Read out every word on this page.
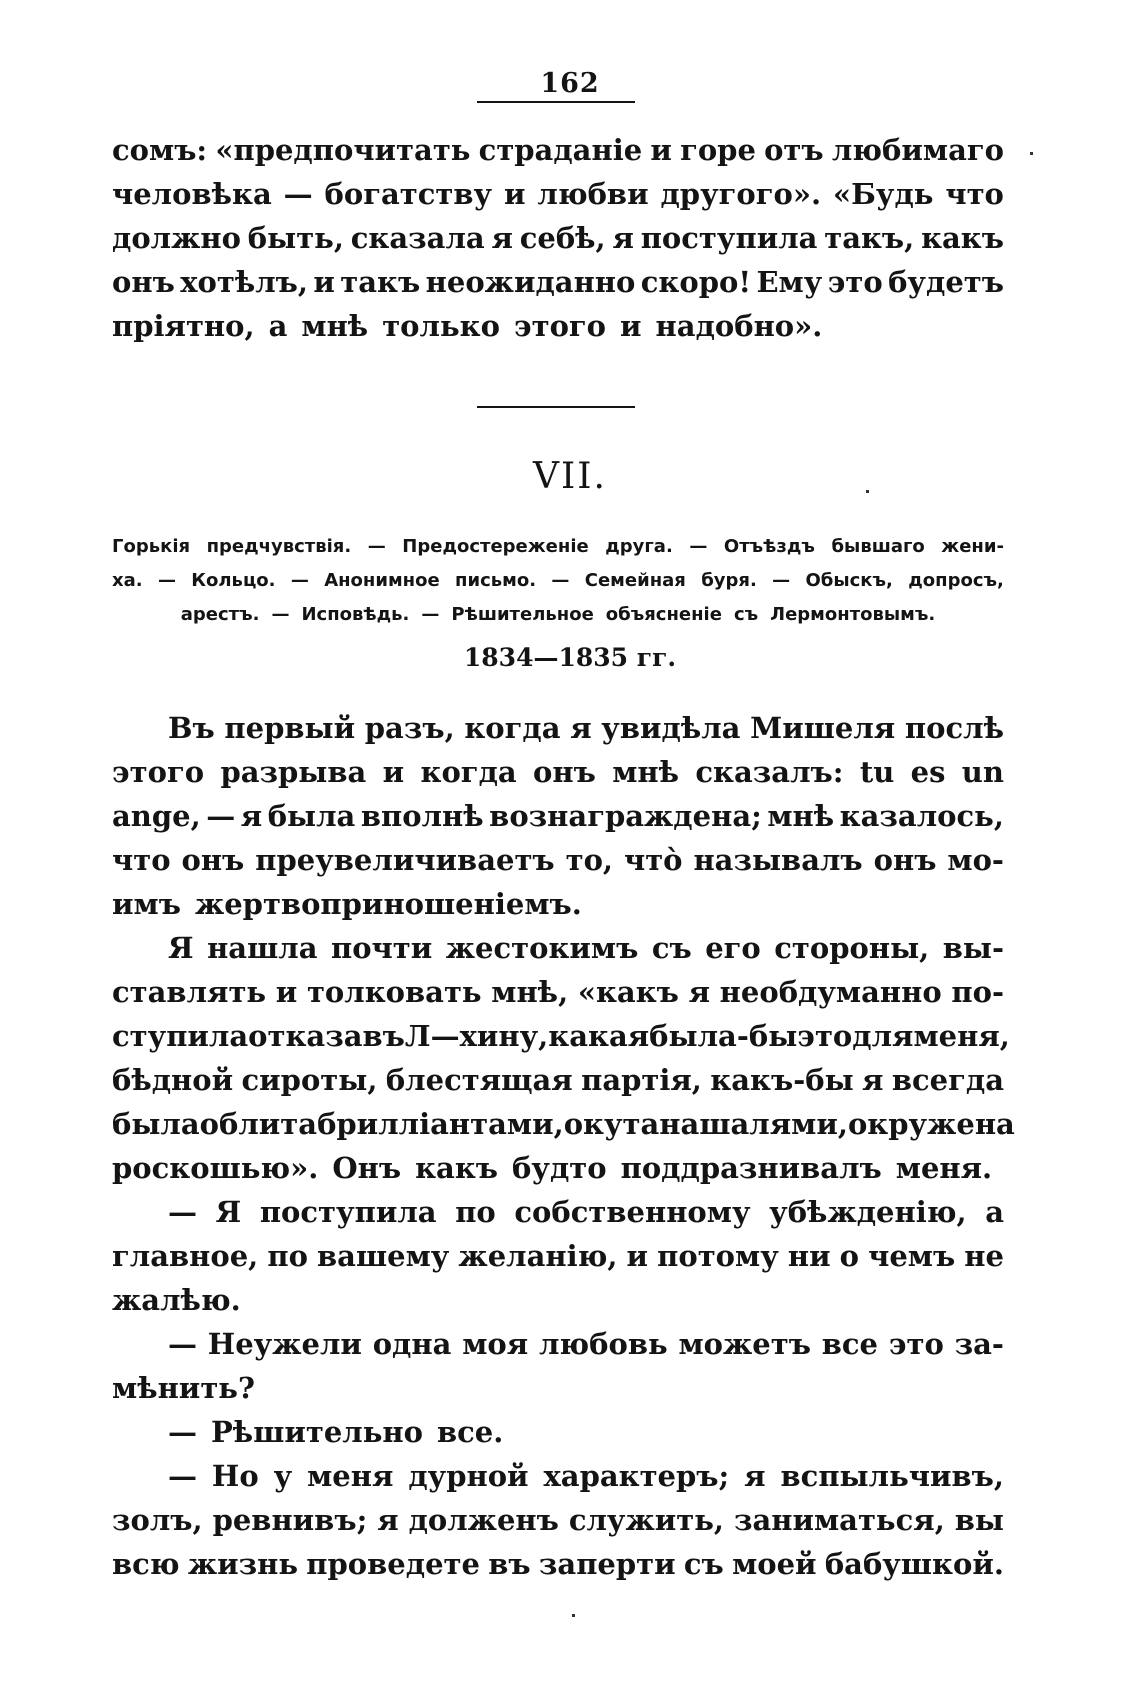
162
сомъ: «предпочитать страданіе и горе отъ любимаго
человѣка — богатству и любви другого». «Будь что
должно быть, сказала я себѣ, я поступила такъ, какъ
онъ хотѣлъ, и такъ неожиданно скоро! Ему это будетъ
пріятно, а мнѣ только этого и надобно».
VII.
Горькія предчувствія. — Предостереженіе друга. — Отъѣздъ бывшаго жени-
ха. — Кольцо. — Анонимное письмо. — Семейная буря. — Обыскъ, допросъ,
арестъ. — Исповѣдь. — Рѣшительное объясненіе съ Лермонтовымъ.
1834—1835 гг.
Въ первый разъ, когда я увидѣла Мишеля послѣ
этого разрыва и когда онъ мнѣ сказалъ: tu es un
ange, — я была вполнѣ вознаграждена; мнѣ казалось,
что онъ преувеличиваетъ то, что̀ называлъ онъ мо-
имъ жертвоприношеніемъ.
Я нашла почти жестокимъ съ его стороны, вы-
ставлять и толковать мнѣ, «какъ я необдуманно по-
ступила отказавъ Л—хину, какая была-бы это для меня,
бѣдной сироты, блестящая партія, какъ-бы я всегда
была облита брилліантами, окутана шалями, окружена
роскошью». Онъ какъ будто поддразнивалъ меня.
— Я поступила по собственному убѣжденію, а
главное, по вашему желанію, и потому ни о чемъ не
жалѣю.
— Неужели одна моя любовь можетъ все это за-
мѣнить?
— Рѣшительно все.
— Но у меня дурной характеръ; я вспыльчивъ,
золъ, ревнивъ; я долженъ служить, заниматься, вы
всю жизнь проведете въ заперти съ моей бабушкой.
